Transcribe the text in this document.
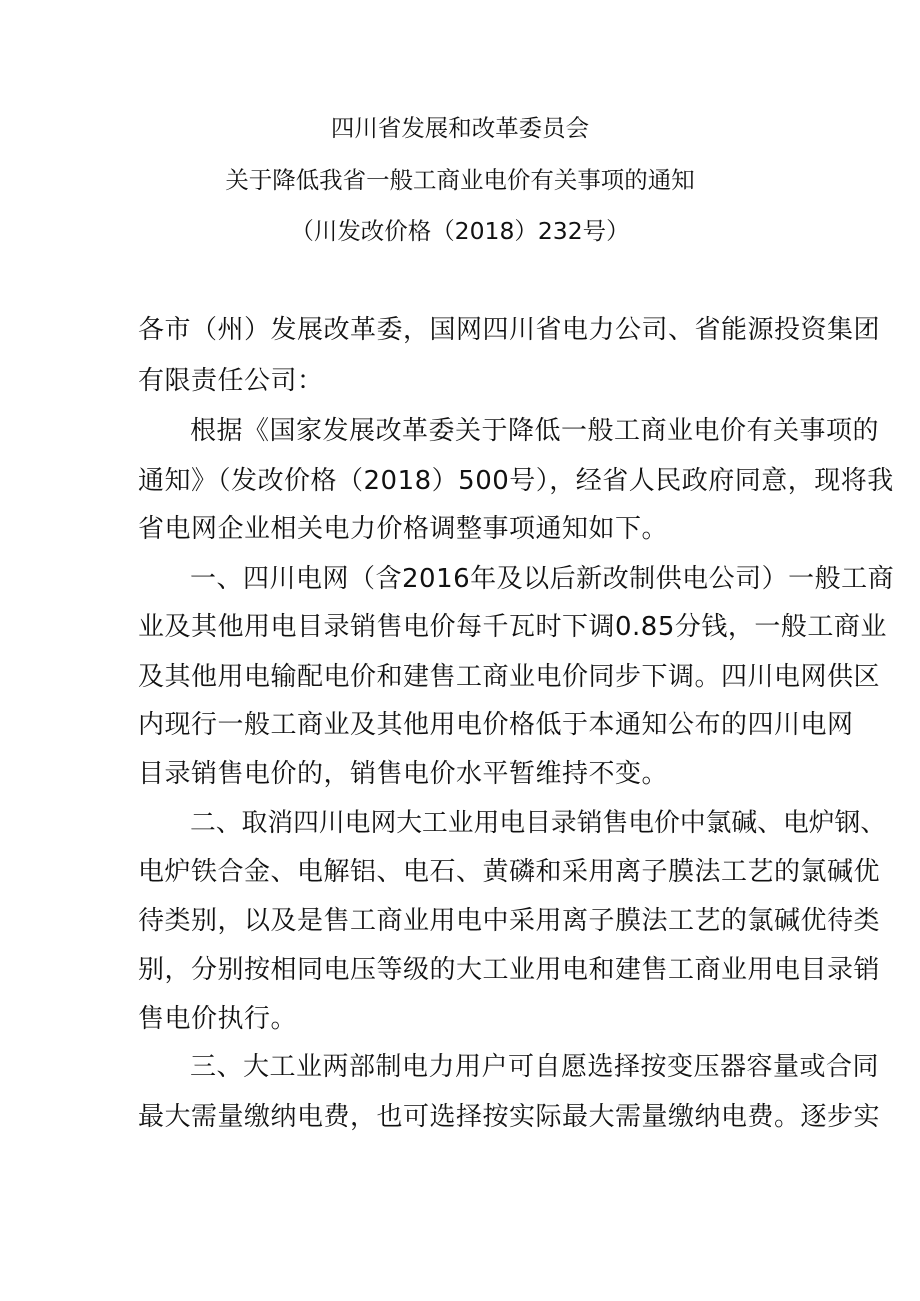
四川省发展和改革委员会
关于降低我省一般工商业电价有关事项的通知
（川发改价格（2018）232号）
各市（州）发展改革委，国网四川省电力公司、省能源投资集团
有限责任公司：
根据《国家发展改革委关于降低一般工商业电价有关事项的
通知》（发改价格（2018）500号），经省人民政府同意，现将我
省电网企业相关电力价格调整事项通知如下。
一、四川电网（含2016年及以后新改制供电公司）一般工商
业及其他用电目录销售电价每千瓦时下调0.85分钱，一般工商业
及其他用电输配电价和建售工商业电价同步下调。四川电网供区
内现行一般工商业及其他用电价格低于本通知公布的四川电网
目录销售电价的，销售电价水平暂维持不变。
二、取消四川电网大工业用电目录销售电价中氯碱、电炉钢、
电炉铁合金、电解铝、电石、黄磷和采用离子膜法工艺的氯碱优
待类别，以及是售工商业用电中采用离子膜法工艺的氯碱优待类
别，分别按相同电压等级的大工业用电和建售工商业用电目录销
售电价执行。
三、大工业两部制电力用户可自愿选择按变压器容量或合同
最大需量缴纳电费，也可选择按实际最大需量缴纳电费。逐步实
